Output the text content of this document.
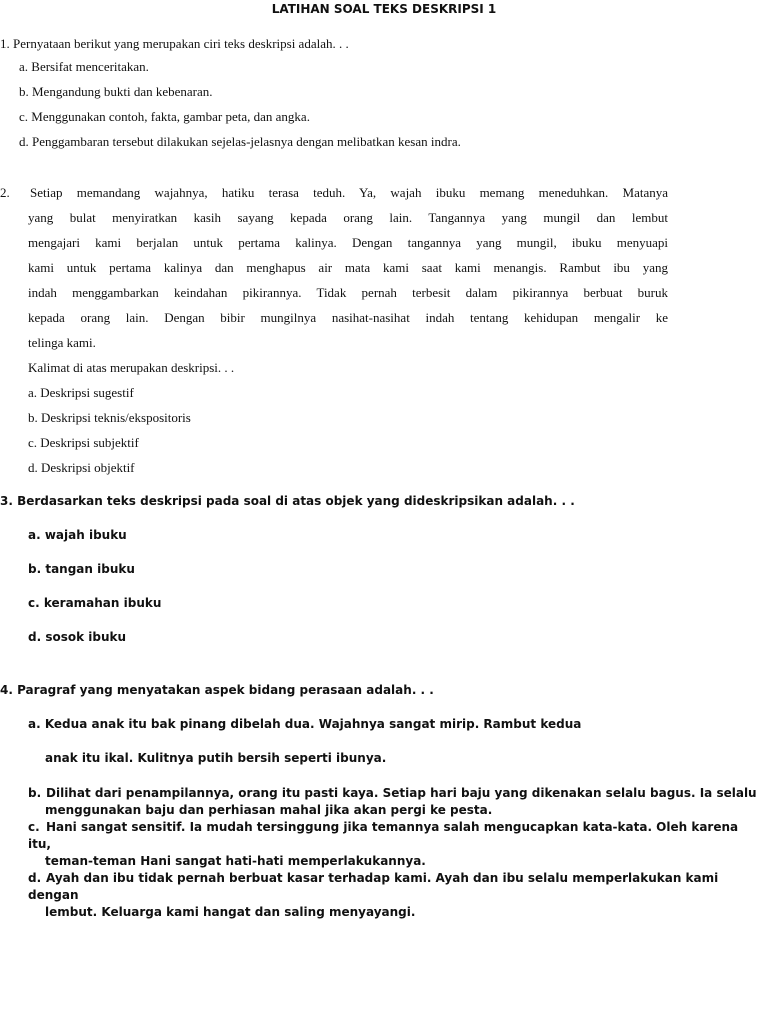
LATIHAN SOAL TEKS DESKRIPSI 1
1. Pernyataan berikut yang merupakan ciri teks deskripsi adalah. . .
a. Bersifat menceritakan.
b. Mengandung bukti dan kebenaran.
c. Menggunakan contoh, fakta, gambar peta, dan angka.
d. Penggambaran tersebut dilakukan sejelas-jelasnya dengan melibatkan kesan indra.
2. Setiap memandang wajahnya, hatiku terasa teduh. Ya, wajah ibuku memang meneduhkan. Matanya
yang bulat menyiratkan kasih sayang kepada orang lain. Tangannya yang mungil dan lembut
mengajari kami berjalan untuk pertama kalinya. Dengan tangannya yang mungil, ibuku menyuapi
kami untuk pertama kalinya dan menghapus air mata kami saat kami menangis. Rambut ibu yang
indah menggambarkan keindahan pikirannya. Tidak pernah terbesit dalam pikirannya berbuat buruk
kepada orang lain. Dengan bibir mungilnya nasihat-nasihat indah tentang kehidupan mengalir ke
telinga kami.
Kalimat di atas merupakan deskripsi. . .
a. Deskripsi sugestif
b. Deskripsi teknis/ekspositoris
c. Deskripsi subjektif
d. Deskripsi objektif
3. Berdasarkan teks deskripsi pada soal di atas objek yang dideskripsikan adalah. . .
a. wajah ibuku
b. tangan ibuku
c. keramahan ibuku
d. sosok ibuku
4. Paragraf yang menyatakan aspek bidang perasaan adalah. . .
a. Kedua anak itu bak pinang dibelah dua. Wajahnya sangat mirip. Rambut kedua
anak itu ikal. Kulitnya putih bersih seperti ibunya.
b. Dilihat dari penampilannya, orang itu pasti kaya. Setiap hari baju yang dikenakan selalu bagus. Ia selalu
menggunakan baju dan perhiasan mahal jika akan pergi ke pesta.
c. Hani sangat sensitif. Ia mudah tersinggung jika temannya salah mengucapkan kata-kata. Oleh karena itu,
teman-teman Hani sangat hati-hati memperlakukannya.
d. Ayah dan ibu tidak pernah berbuat kasar terhadap kami. Ayah dan ibu selalu memperlakukan kami dengan
lembut. Keluarga kami hangat dan saling menyayangi.
